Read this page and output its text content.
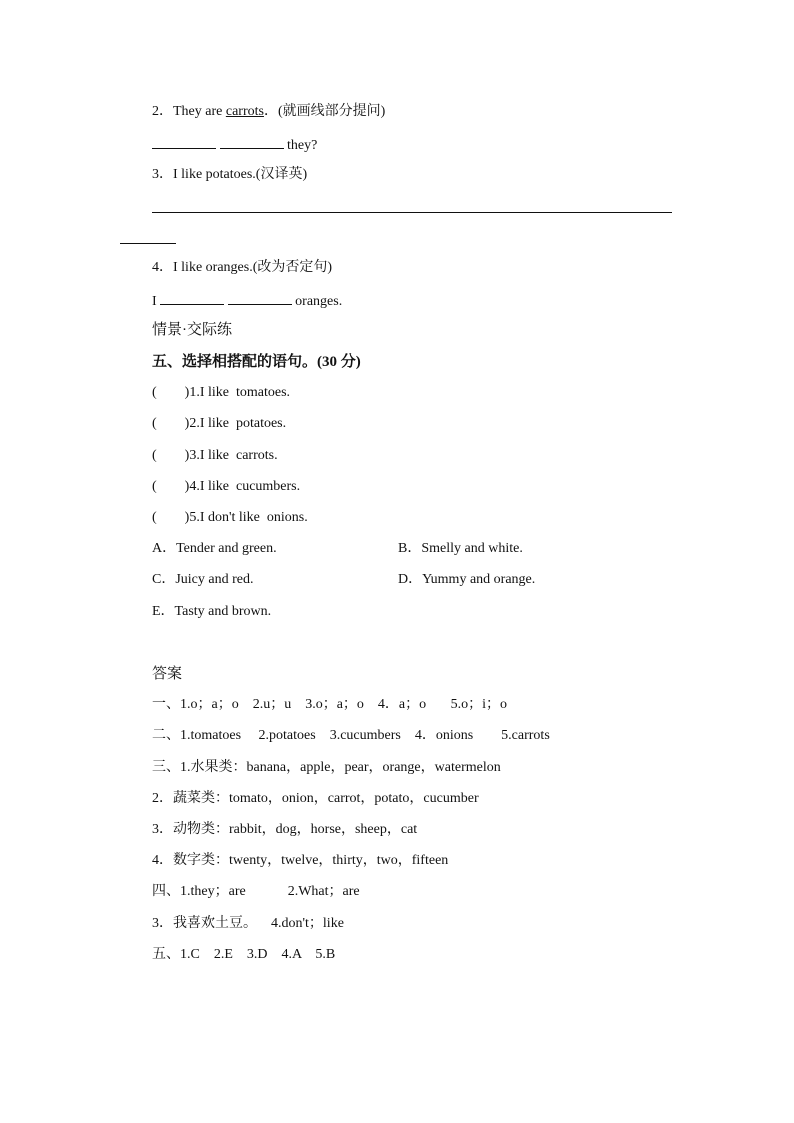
2．They are carrots．(就画线部分提问)
they?
3．I like potatoes.(汉译英)
4．I like oranges.(改为否定句)
I	oranges.
情景·交际练
五、选择相搭配的语句。(30 分)
(        )1.I like  tomatoes.
(        )2.I like  potatoes.
(        )3.I like  carrots.
(        )4.I like  cucumbers.
(        )5.I don't like  onions.
A．Tender and green.	B．Smelly and white.
C．Juicy and red.	D．Yummy and orange.
E．Tasty and brown.
答案
一、1.o；a；o    2.u；u    3.o；a；o    4．a；o       5.o；i；o
二、1.tomatoes     2.potatoes    3.cucumbers    4．onions        5.carrots
三、1.水果类：banana，apple，pear，orange，watermelon
2．蔬菜类：tomato，onion，carrot，potato，cucumber
3．动物类：rabbit，dog，horse，sheep，cat
4．数字类：twenty，twelve，thirty，two，fifteen
四、1.they；are            2.What；are
3．我喜欢土豆。    4.don't；like
五、1.C    2.E    3.D    4.A    5.B
